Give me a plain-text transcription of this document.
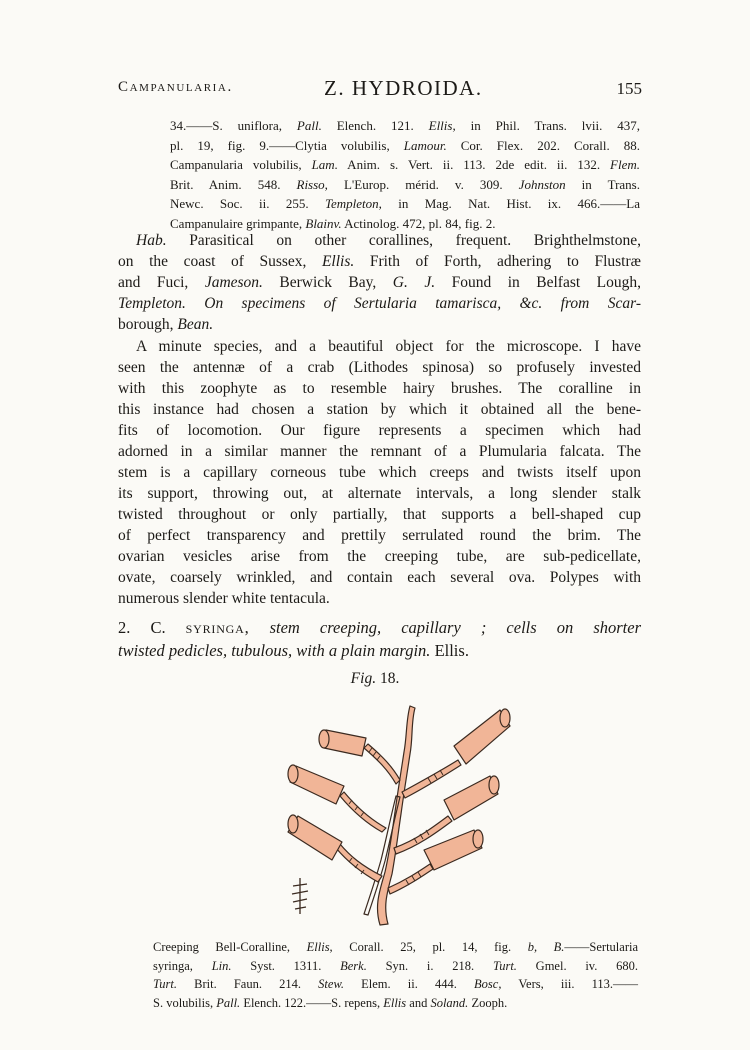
Campanularia.	Z. HYDROIDA.	155

34.——S. uniflora, Pall. Elench. 121. Ellis, in Phil. Trans. lvii. 437,

pl. 19, fig. 9.——Clytia volubilis, Lamour. Cor. Flex. 202. Corall. 88.

Campanularia volubilis, Lam. Anim. s. Vert. ii. 113. 2de edit. ii. 132. Flem.

Brit. Anim. 548. Risso, L'Europ. mérid. v. 309. Johnston in Trans.

Newc. Soc. ii. 255. Templeton, in Mag. Nat. Hist. ix. 466.——La

Campanulaire grimpante, Blainv. Actinolog. 472, pl. 84, fig. 2.

Hab. Parasitical on other corallines, frequent. Brighthelmstone,
on the coast of Sussex, Ellis. Frith of Forth, adhering to Flustræ
and Fuci, Jameson. Berwick Bay, G. J. Found in Belfast Lough,
Templeton. On specimens of Sertularia tamarisca, &c. from Scar-
borough, Bean.
A minute species, and a beautiful object for the microscope. I have
seen the antennæ of a crab (Lithodes spinosa) so profusely invested
with this zoophyte as to resemble hairy brushes. The coralline in
this instance had chosen a station by which it obtained all the bene-
fits of locomotion. Our figure represents a specimen which had
adorned in a similar manner the remnant of a Plumularia falcata. The
stem is a capillary corneous tube which creeps and twists itself upon
its support, throwing out, at alternate intervals, a long slender stalk
twisted throughout or only partially, that supports a bell-shaped cup
of perfect transparency and prettily serrulated round the brim. The
ovarian vesicles arise from the creeping tube, are sub-pedicellate,
ovate, coarsely wrinkled, and contain each several ova. Polypes with
numerous slender white tentacula.
2. C. syringa, stem creeping, capillary ; cells on shorter
twisted pedicles, tubulous, with a plain margin. Ellis.
Fig. 18.
Creeping Bell-Coralline, Ellis, Corall. 25, pl. 14, fig. b, B.——Sertularia
syringa, Lin. Syst. 1311. Berk. Syn. i. 218. Turt. Gmel. iv. 680.
Turt. Brit. Faun. 214. Stew. Elem. ii. 444. Bosc, Vers, iii. 113.——
S. volubilis, Pall. Elench. 122.——S. repens, Ellis and Soland. Zooph.
